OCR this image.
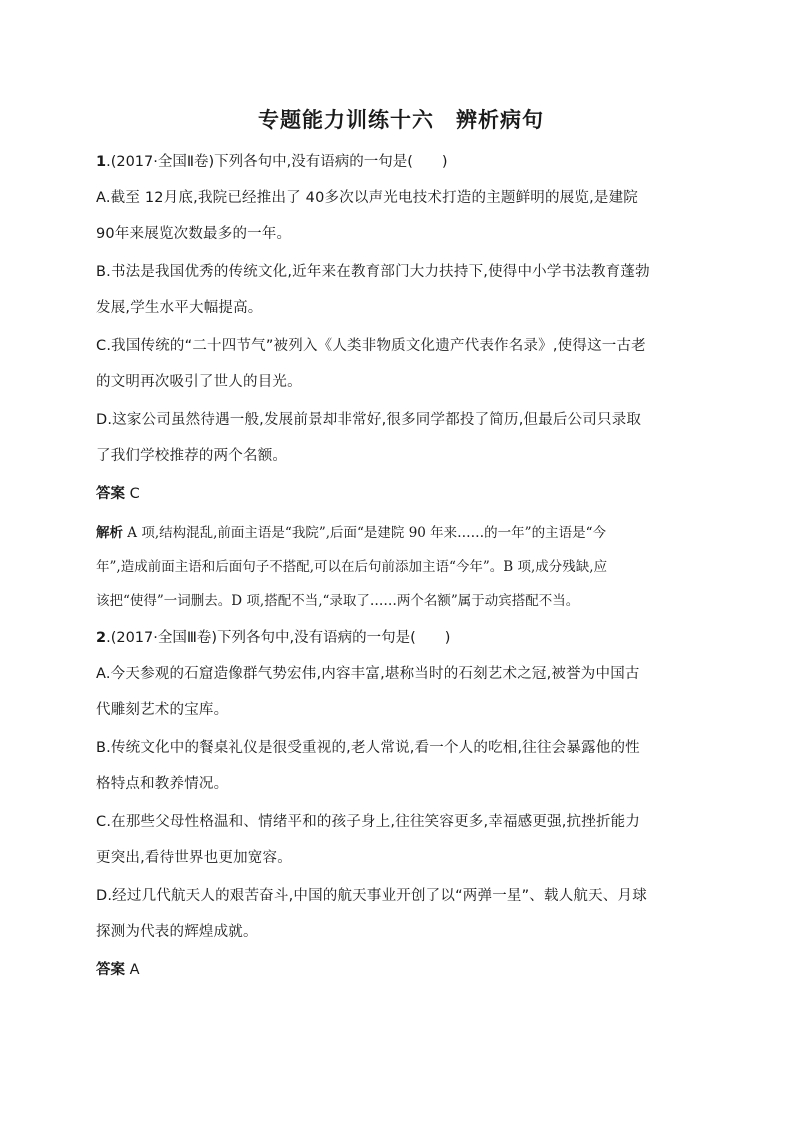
专题能力训练十六 辨析病句
1.(2017·全国Ⅱ卷)下列各句中,没有语病的一句是(　　)
A.截至 12月底,我院已经推出了 40多次以声光电技术打造的主题鲜明的展览,是建院
90年来展览次数最多的一年。
B.书法是我国优秀的传统文化,近年来在教育部门大力扶持下,使得中小学书法教育蓬勃
发展,学生水平大幅提高。
C.我国传统的“二十四节气”被列入《人类非物质文化遗产代表作名录》,使得这一古老
的文明再次吸引了世人的目光。
D.这家公司虽然待遇一般,发展前景却非常好,很多同学都投了简历,但最后公司只录取
了我们学校推荐的两个名额。
答案 C
解析 A 项,结构混乱,前面主语是“我院”,后面“是建院 90 年来……的一年”的主语是“今
年”,造成前面主语和后面句子不搭配,可以在后句前添加主语“今年”。B 项,成分残缺,应
该把“使得”一词删去。D 项,搭配不当,“录取了……两个名额”属于动宾搭配不当。
2.(2017·全国Ⅲ卷)下列各句中,没有语病的一句是(　　)
A.今天参观的石窟造像群气势宏伟,内容丰富,堪称当时的石刻艺术之冠,被誉为中国古
代雕刻艺术的宝库。
B.传统文化中的餐桌礼仪是很受重视的,老人常说,看一个人的吃相,往往会暴露他的性
格特点和教养情况。
C.在那些父母性格温和、情绪平和的孩子身上,往往笑容更多,幸福感更强,抗挫折能力
更突出,看待世界也更加宽容。
D.经过几代航天人的艰苦奋斗,中国的航天事业开创了以“两弹一星”、载人航天、月球
探测为代表的辉煌成就。
答案 A
